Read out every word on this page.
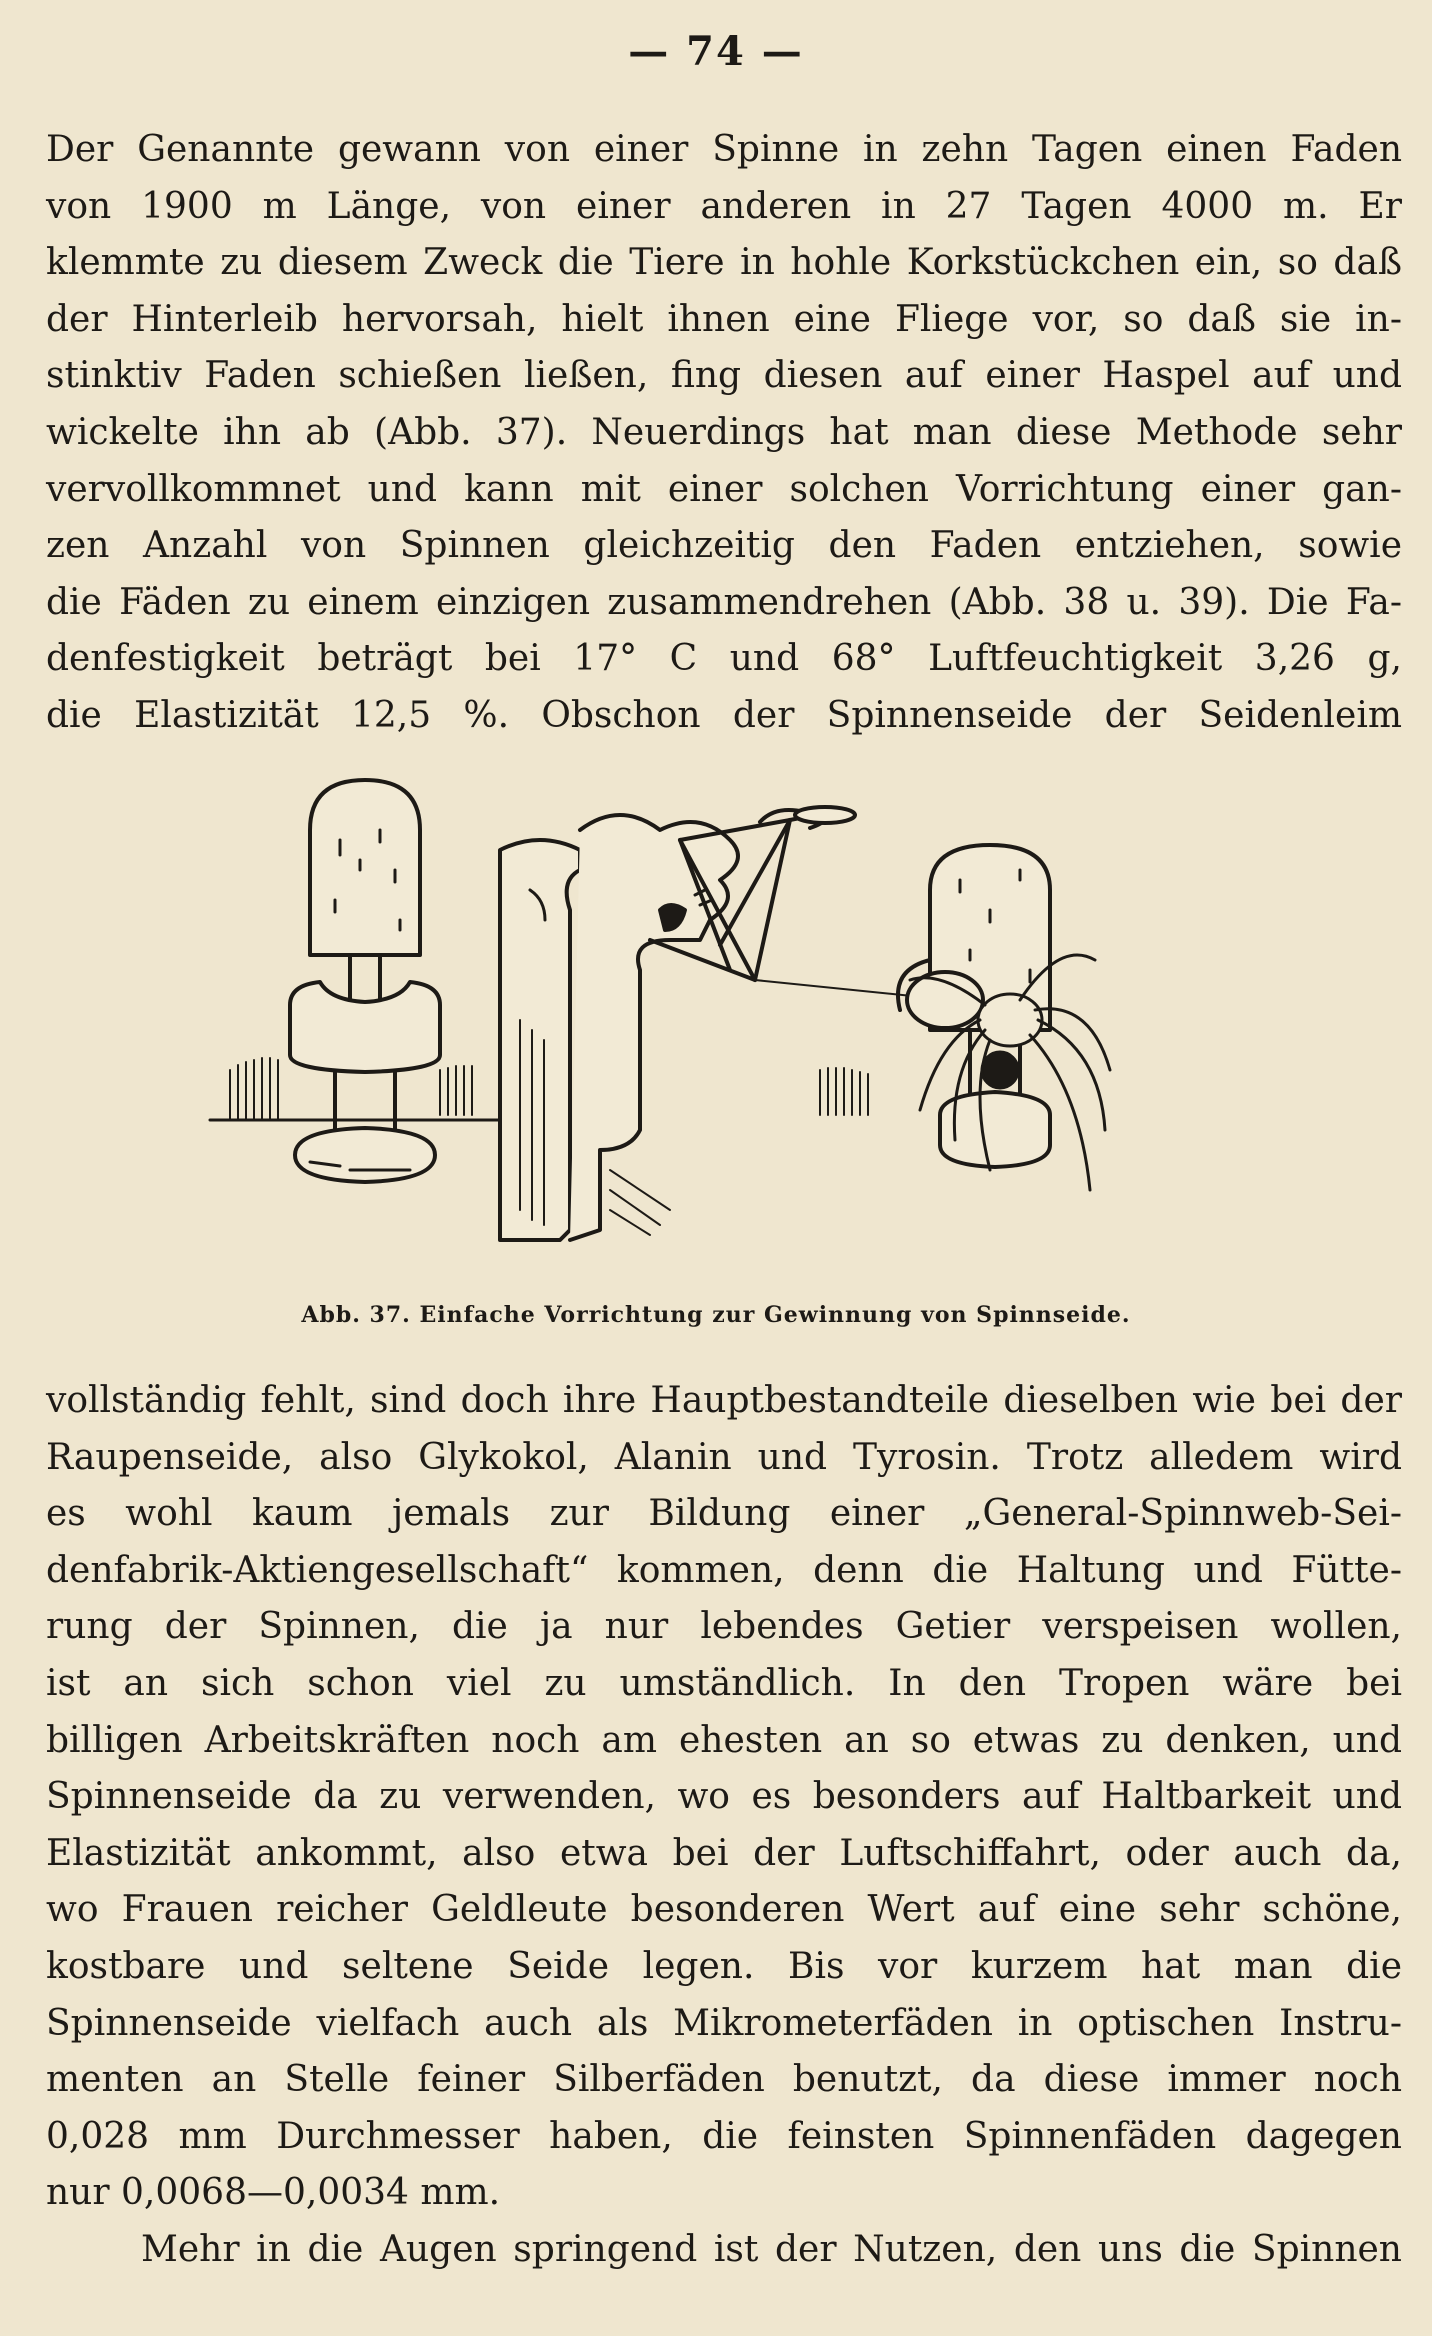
— 74 —
Der Genannte gewann von einer Spinne in zehn Tagen einen Faden
von 1900 m Länge, von einer anderen in 27 Tagen 4000 m. Er
klemmte zu diesem Zweck die Tiere in hohle Korkstückchen ein, so daß
der Hinterleib hervorsah, hielt ihnen eine Fliege vor, so daß sie in-
stinktiv Faden schießen ließen, fing diesen auf einer Haspel auf und
wickelte ihn ab (Abb. 37). Neuerdings hat man diese Methode sehr
vervollkommnet und kann mit einer solchen Vorrichtung einer gan-
zen Anzahl von Spinnen gleichzeitig den Faden entziehen, sowie
die Fäden zu einem einzigen zusammendrehen (Abb. 38 u. 39). Die Fa-
denfestigkeit beträgt bei 17° C und 68° Luftfeuchtigkeit 3,26 g,
die Elastizität 12,5 %. Obschon der Spinnenseide der Seidenleim
Abb. 37. Einfache Vorrichtung zur Gewinnung von Spinnseide.
vollständig fehlt, sind doch ihre Hauptbestandteile dieselben wie bei der
Raupenseide, also Glykokol, Alanin und Tyrosin. Trotz alledem wird
es wohl kaum jemals zur Bildung einer „General-Spinnweb-Sei-
denfabrik-Aktiengesellschaft“ kommen, denn die Haltung und Fütte-
rung der Spinnen, die ja nur lebendes Getier verspeisen wollen,
ist an sich schon viel zu umständlich. In den Tropen wäre bei
billigen Arbeitskräften noch am ehesten an so etwas zu denken, und
Spinnenseide da zu verwenden, wo es besonders auf Haltbarkeit und
Elastizität ankommt, also etwa bei der Luftschiffahrt, oder auch da,
wo Frauen reicher Geldleute besonderen Wert auf eine sehr schöne,
kostbare und seltene Seide legen. Bis vor kurzem hat man die
Spinnenseide vielfach auch als Mikrometerfäden in optischen Instru-
menten an Stelle feiner Silberfäden benutzt, da diese immer noch
0,028 mm Durchmesser haben, die feinsten Spinnenfäden dagegen
nur 0,0068—0,0034 mm.
Mehr in die Augen springend ist der Nutzen, den uns die Spinnen
